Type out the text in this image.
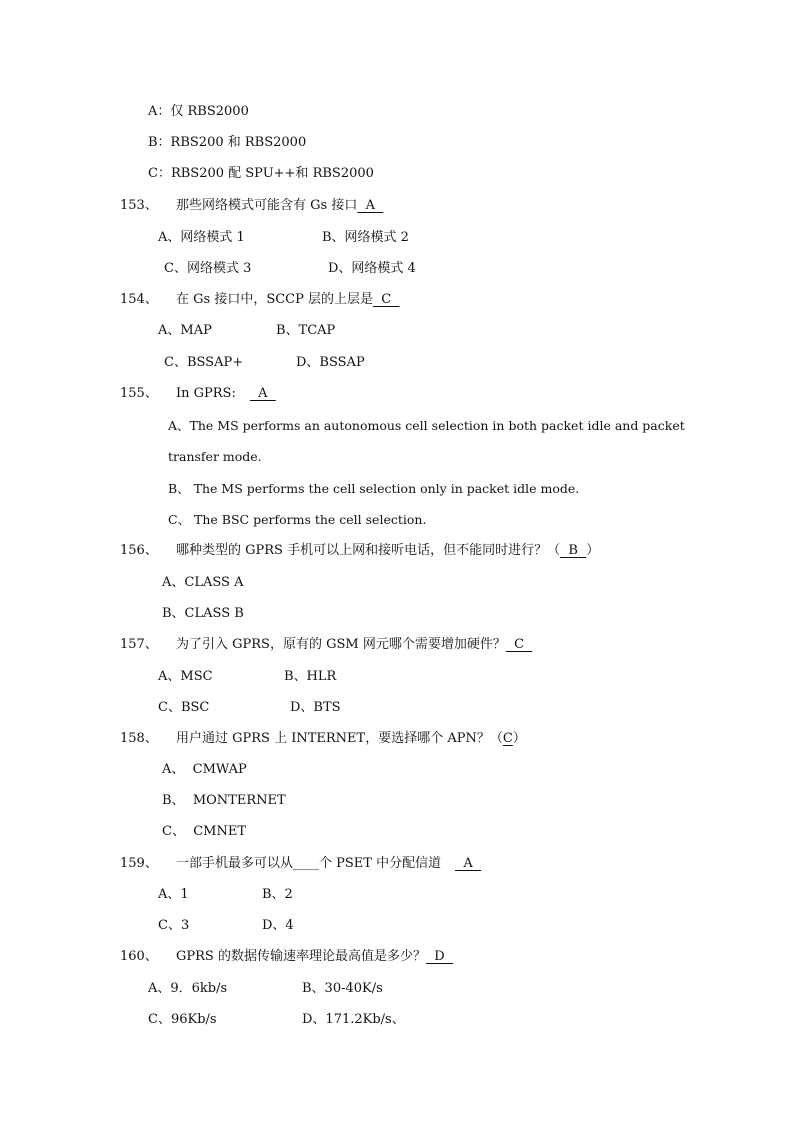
A：仅 RBS2000
B：RBS200 和 RBS2000
C：RBS200 配 SPU++和 RBS2000
153、 那些网络模式可能含有 Gs 接口  A
A、网络模式 1	B、网络模式 2
C、网络模式 3	D、网络模式 4
154、 在 Gs 接口中，SCCP 层的上层是  C
A、MAP	B、TCAP
C、BSSAP+	D、BSSAP
155、 In GPRS:  A
A、The MS performs an autonomous cell selection in both packet idle and packet
transfer mode.
B、 The MS performs the cell selection only in packet idle mode.
C、 The BSC performs the cell selection.
156、 哪种类型的 GPRS 手机可以上网和接听电话，但不能同时进行？（  B  ）
A、CLASS A
B、CLASS B
157、 为了引入 GPRS，原有的 GSM 网元哪个需要增加硬件？  C
A、MSC	B、HLR
C、BSC	D、BTS
158、 用户通过 GPRS 上 INTERNET，要选择哪个 APN？（C）
A、  CMWAP
B、  MONTERNET
C、  CMNET
159、 一部手机最多可以从____个 PSET 中分配信道  A
A、1	B、2
C、3	D、4
160、 GPRS 的数据传输速率理论最高值是多少？  D
A、9．6kb/s	B、30-40K/s
C、96Kb/s	D、171.2Kb/s、
